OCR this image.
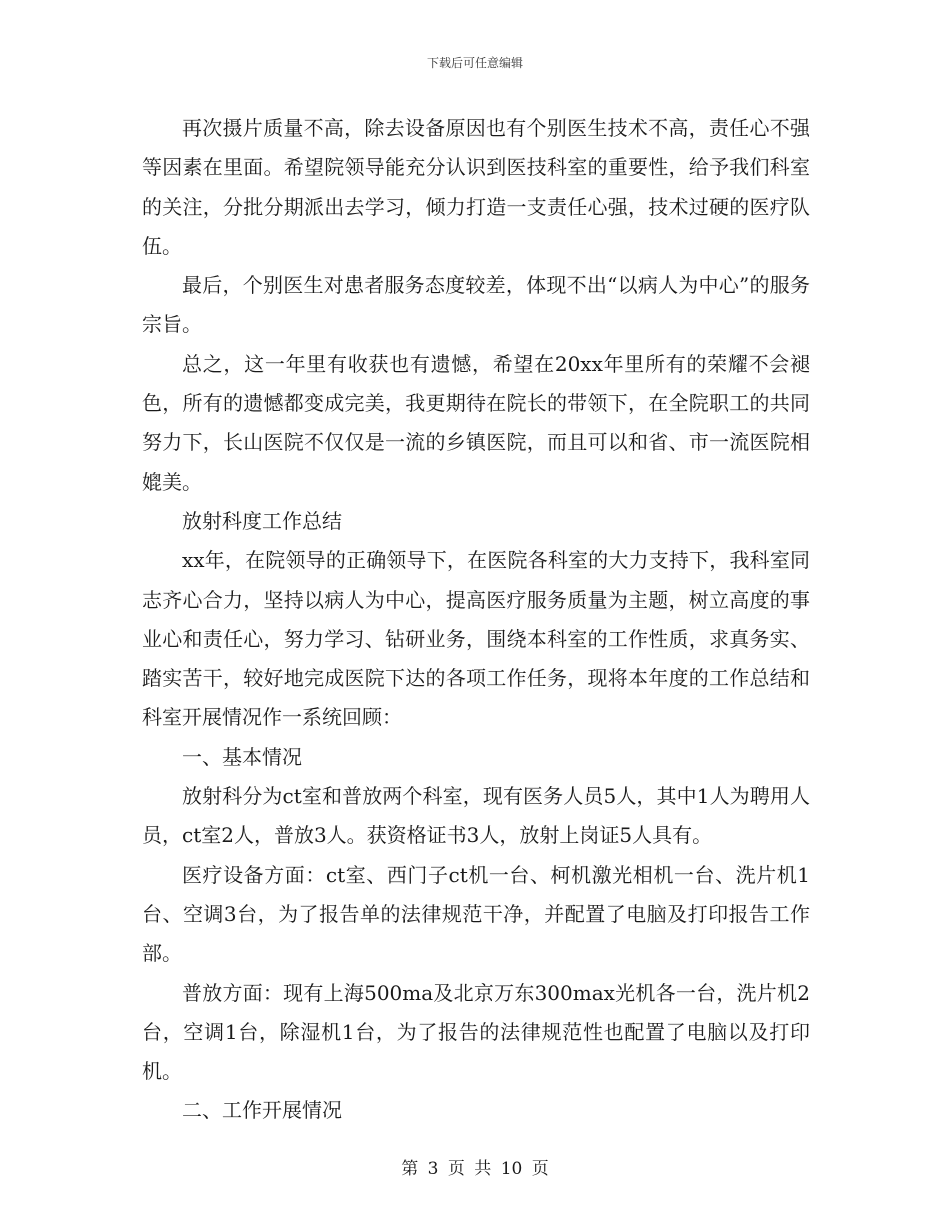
下载后可任意编辑

再次摄片质量不高，除去设备原因也有个别医生技术不高，责任心不强等因素在里面。希望院领导能充分认识到医技科室的重要性，给予我们科室的关注，分批分期派出去学习，倾力打造一支责任心强，技术过硬的医疗队伍。

最后，个别医生对患者服务态度较差，体现不出“以病人为中心”的服务宗旨。

总之，这一年里有收获也有遗憾，希望在20xx年里所有的荣耀不会褪色，所有的遗憾都变成完美，我更期待在院长的带领下，在全院职工的共同努力下，长山医院不仅仅是一流的乡镇医院，而且可以和省、市一流医院相媲美。

放射科度工作总结

xx年，在院领导的正确领导下，在医院各科室的大力支持下，我科室同志齐心合力，坚持以病人为中心，提高医疗服务质量为主题，树立高度的事业心和责任心，努力学习、钻研业务，围绕本科室的工作性质，求真务实、踏实苦干，较好地完成医院下达的各项工作任务，现将本年度的工作总结和科室开展情况作一系统回顾：

一、基本情况

放射科分为ct室和普放两个科室，现有医务人员5人，其中1人为聘用人员，ct室2人，普放3人。获资格证书3人，放射上岗证5人具有。

医疗设备方面：ct室、西门子ct机一台、柯机激光相机一台、洗片机1台、空调3台，为了报告单的法律规范干净，并配置了电脑及打印报告工作部。

普放方面：现有上海500ma及北京万东300max光机各一台，洗片机2台，空调1台，除湿机1台，为了报告的法律规范性也配置了电脑以及打印机。

二、工作开展情况

第 3 页 共 10 页
